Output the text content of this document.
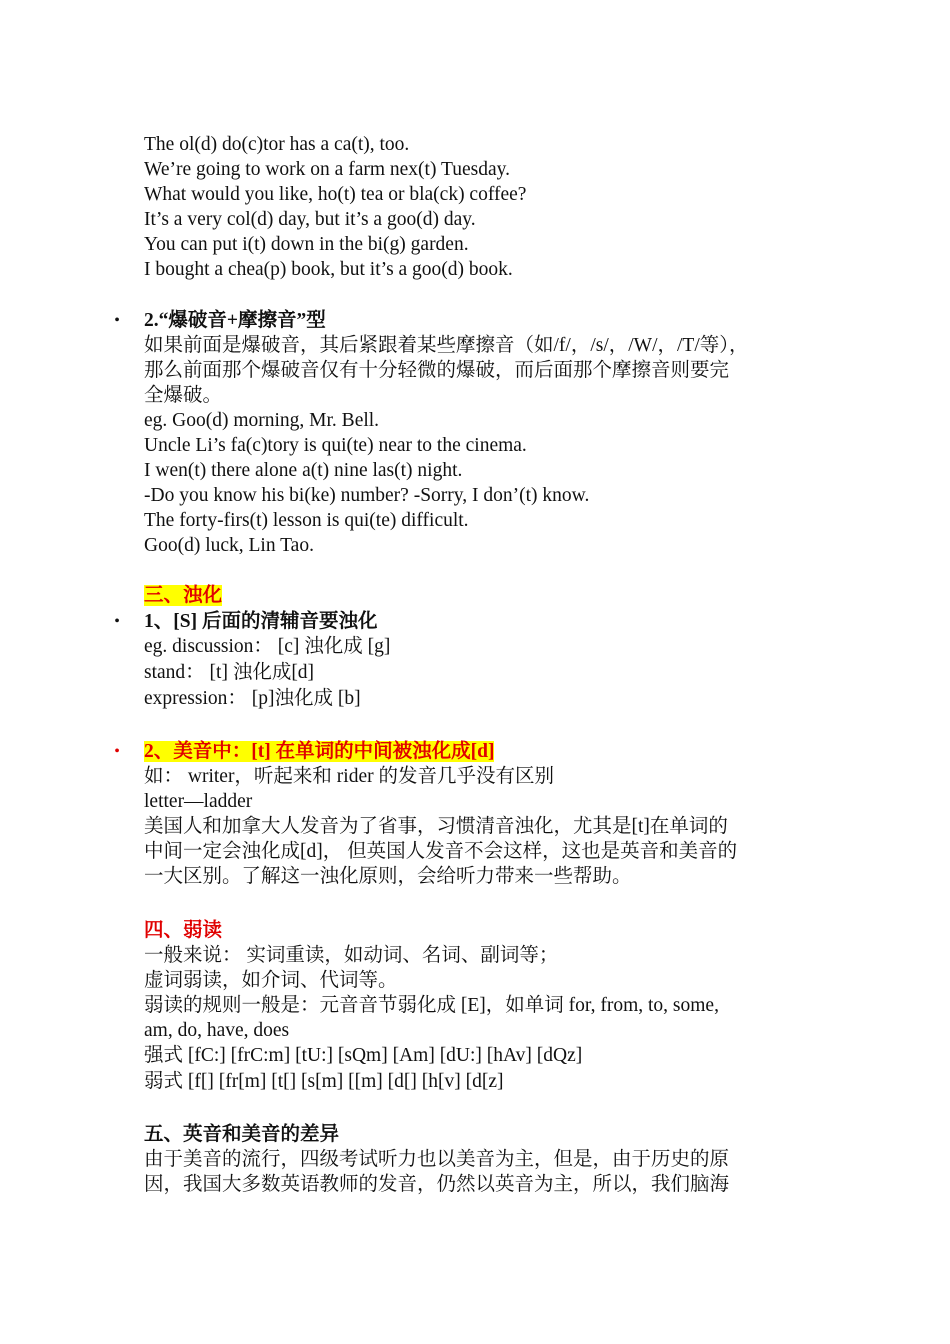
The ol(d) do(c)tor has a ca(t), too.
We’re going to work on a farm nex(t) Tuesday.
What would you like, ho(t) tea or bla(ck) coffee?
It’s a very col(d) day, but it’s a goo(d) day.
You can put i(t) down in the bi(g) garden.
I bought a chea(p) book, but it’s a goo(d) book.
• 2.“爆破音+摩擦音”型
如果前面是爆破音，其后紧跟着某些摩擦音（如/f/，/s/，/W/，/T/等），
那么前面那个爆破音仅有十分轻微的爆破，而后面那个摩擦音则要完
全爆破。
eg. Goo(d) morning, Mr. Bell.
Uncle Li’s fa(c)tory is qui(te) near to the cinema.
I wen(t) there alone a(t) nine las(t) night.
-Do you know his bi(ke) number? -Sorry, I don’(t) know.
The forty-firs(t) lesson is qui(te) difficult.
Goo(d) luck, Lin Tao.
三、浊化
• 1、[S] 后面的清辅音要浊化
eg. discussion： [c] 浊化成 [g]
stand： [t] 浊化成[d]
expression： [p]浊化成 [b]
• 2、美音中：[t] 在单词的中间被浊化成[d]
如： writer，听起来和 rider 的发音几乎没有区别
letter—ladder
美国人和加拿大人发音为了省事，习惯清音浊化，尤其是[t]在单词的
中间一定会浊化成[d]， 但英国人发音不会这样，这也是英音和美音的
一大区别。了解这一浊化原则，会给听力带来一些帮助。
四、弱读
一般来说： 实词重读，如动词、名词、副词等；
虚词弱读，如介词、代词等。
弱读的规则一般是：元音音节弱化成 [E]，如单词 for, from, to, some,
am, do, have, does
强式 [fC:] [frC:m] [tU:] [sQm] [Am] [dU:] [hAv] [dQz]
弱式 [f[] [fr[m] [t[] [s[m] [[m] [d[] [h[v] [d[z]
五、英音和美音的差异
由于美音的流行，四级考试听力也以美音为主，但是，由于历史的原
因，我国大多数英语教师的发音，仍然以英音为主，所以，我们脑海
